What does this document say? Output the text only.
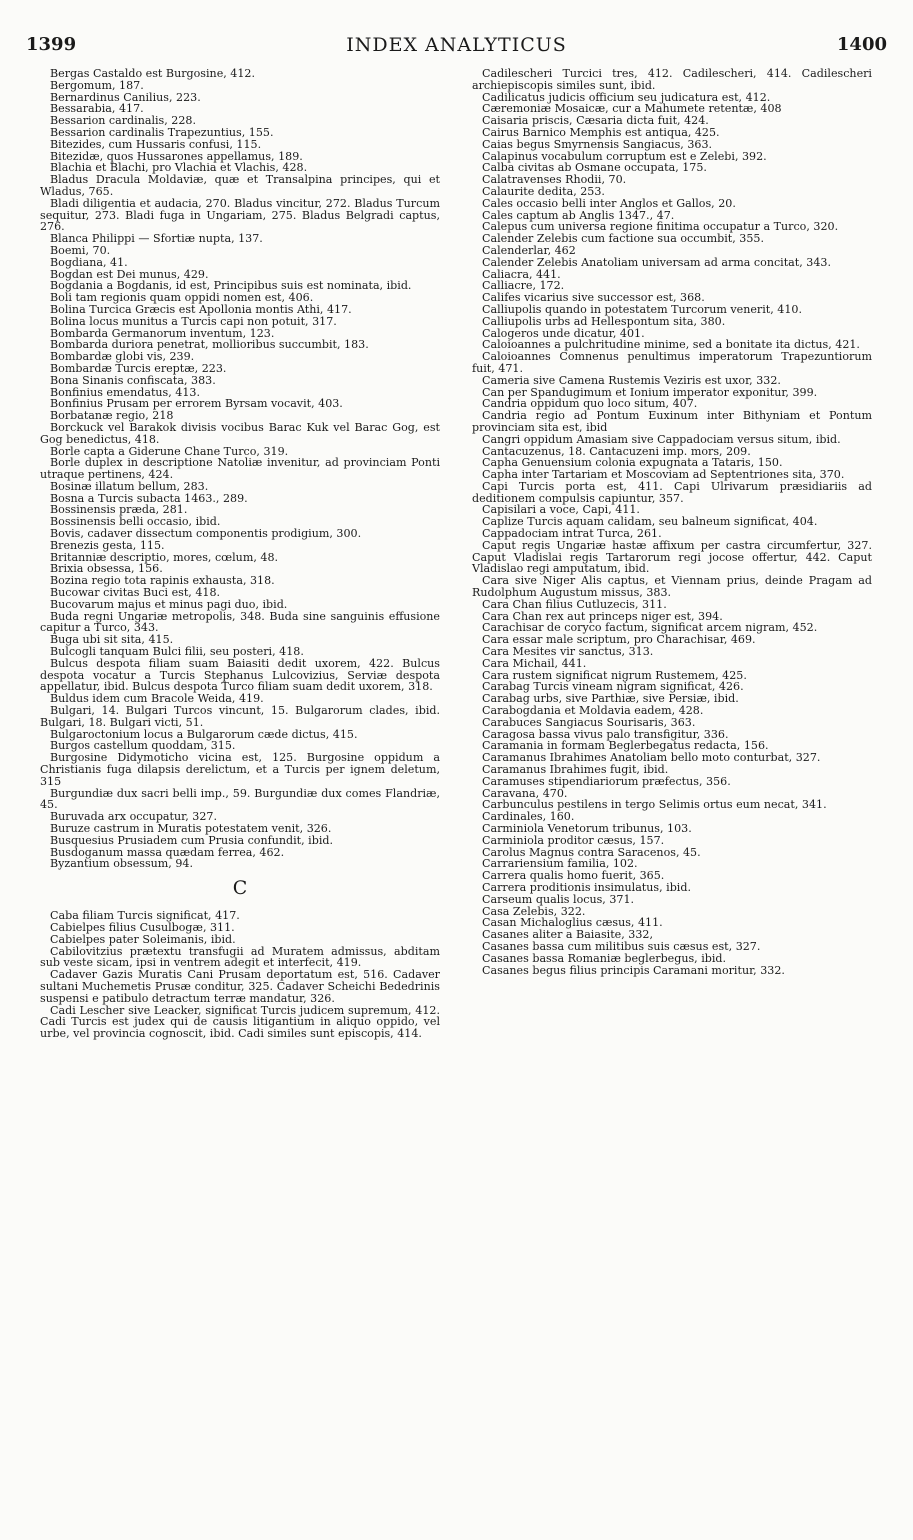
1399	INDEX ANALYTICUS	1400

Bergas Castaldo est Burgosine, 412.

Bergomum, 187.

Bernardinus Canilius, 223.

Bessarabia, 417.

Bessarion cardinalis, 228.

Bessarion cardinalis Trapezuntius, 155.

Bitezides, cum Hussaris confusi, 115.

Bitezidæ, quos Hussarones appellamus, 189.

Blachia et Blachi, pro Vlachia et Vlachis, 428.

Bladus Dracula Moldaviæ, quæ et Transalpina principes, qui et Wladus, 765.

Bladi diligentia et audacia, 270. Bladus vincitur, 272. Bladus Turcum sequitur, 273. Bladi fuga in Ungariam, 275. Bladus Belgradi captus, 276.

Blanca Philippi — Sfortiæ nupta, 137.

Boemi, 70.

Bogdiana, 41.

Bogdan est Dei munus, 429.

Bogdania a Bogdanis, id est, Principibus suis est nominata, ibid.

Boli tam regionis quam oppidi nomen est, 406.

Bolina Turcica Græcis est Apollonia montis Athi, 417.

Bolina locus munitus a Turcis capi non potuit, 317.

Bombarda Germanorum inventum, 123.

Bombarda duriora penetrat, mollioribus succumbit, 183.

Bombardæ globi vis, 239.

Bombardæ Turcis ereptæ, 223.

Bona Sinanis confiscata, 383.

Bonfinius emendatus, 413.

Bonfinius Prusam per errorem Byrsam vocavit, 403.

Borbatanæ regio, 218

Borckuck vel Barakok divisis vocibus Barac Kuk vel Barac Gog, est Gog benedictus, 418.

Borle capta a Giderune Chane Turco, 319.

Borle duplex in descriptione Natoliæ invenitur, ad provinciam Ponti utraque pertinens, 424.

Bosinæ illatum bellum, 283.

Bosna a Turcis subacta 1463., 289.

Bossinensis præda, 281.

Bossinensis belli occasio, ibid.

Bovis, cadaver dissectum componentis prodigium, 300.

Brenezis gesta, 115.

Britanniæ descriptio, mores, cœlum, 48.

Brixia obsessa, 156.

Bozina regio tota rapinis exhausta, 318.

Bucowar civitas Buci est, 418.

Bucovarum majus et minus pagi duo, ibid.

Buda regni Ungariæ metropolis, 348. Buda sine sanguinis effusione capitur a Turco, 343.

Buga ubi sit sita, 415.

Bulcogli tanquam Bulci filii, seu posteri, 418.

Bulcus despota filiam suam Baiasiti dedit uxorem, 422. Bulcus despota vocatur a Turcis Stephanus Lulcovizius, Serviæ despota appellatur, ibid. Bulcus despota Turco filiam suam dedit uxorem, 318.

Buldus idem cum Bracole Weida, 419.

Bulgari, 14. Bulgari Turcos vincunt, 15. Bulgarorum clades, ibid. Bulgari, 18. Bulgari victi, 51.

Bulgaroctonium locus a Bulgarorum cæde dictus, 415.

Burgos castellum quoddam, 315.

Burgosine Didymoticho vicina est, 125. Burgosine oppidum a Christianis fuga dilapsis derelictum, et a Turcis per ignem deletum, 315

Burgundiæ dux sacri belli imp., 59. Burgundiæ dux comes Flandriæ, 45.

Buruvada arx occupatur, 327.

Buruze castrum in Muratis potestatem venit, 326.

Busquesius Prusiadem cum Prusia confundit, ibid.

Busdoganum massa quædam ferrea, 462.

Byzantium obsessum, 94.

C

Caba filiam Turcis significat, 417.

Cabielpes filius Cusulbogæ, 311.

Cabielpes pater Soleimanis, ibid.

Cabilovitzius prætextu transfugii ad Muratem admissus, abditam sub veste sicam, ipsi in ventrem adegit et interfecit, 419.

Cadaver Gazis Muratis Cani Prusam deportatum est, 516. Cadaver sultani Muchemetis Prusæ conditur, 325. Cadaver Scheichi Bededrinis suspensi e patibulo detractum terræ mandatur, 326.

Cadi Lescher sive Leacker, significat Turcis judicem supremum, 412. Cadi Turcis est judex qui de causis litigantium in aliquo oppido, vel urbe, vel provincia cognoscit, ibid. Cadi similes sunt episcopis, 414.

Cadilescheri Turcici tres, 412. Cadilescheri, 414. Cadilescheri archiepiscopis similes sunt, ibid.

Cadilicatus judicis officium seu judicatura est, 412.

Cæremoniæ Mosaicæ, cur a Mahumete retentæ, 408

Caisaria priscis, Cæsaria dicta fuit, 424.

Cairus Barnico Memphis est antiqua, 425.

Caias begus Smyrnensis Sangiacus, 363.

Calapinus vocabulum corruptum est e Zelebi, 392.

Calba civitas ab Osmane occupata, 175.

Calatravenses Rhodii, 70.

Calaurite dedita, 253.

Cales occasio belli inter Anglos et Gallos, 20.

Cales captum ab Anglis 1347., 47.

Calepus cum universa regione finitima occupatur a Turco, 320.

Calender Zelebis cum factione sua occumbit, 355.

Calenderlar, 462

Calender Zelebis Anatoliam universam ad arma concitat, 343.

Caliacra, 441.

Calliacre, 172.

Califes vicarius sive successor est, 368.

Calliupolis quando in potestatem Turcorum venerit, 410.

Calliupolis urbs ad Hellespontum sita, 380.

Calogeros unde dicatur, 401.

Caloioannes a pulchritudine minime, sed a bonitate ita dictus, 421.

Caloioannes Comnenus penultimus imperatorum Trapezuntiorum fuit, 471.

Cameria sive Camena Rustemis Veziris est uxor, 332.

Can per Spandugimum et Ionium imperator exponitur, 399.

Candria oppidum quo loco situm, 407.

Candria regio ad Pontum Euxinum inter Bithyniam et Pontum provinciam sita est, ibid

Cangri oppidum Amasiam sive Cappadociam versus situm, ibid.

Cantacuzenus, 18. Cantacuzeni imp. mors, 209.

Capha Genuensium colonia expugnata a Tataris, 150.

Capha inter Tartariam et Moscoviam ad Septentriones sita, 370.

Capi Turcis porta est, 411. Capi Ulrivarum præsidiariis ad deditionem compulsis capiuntur, 357.

Capisilari a voce, Capi, 411.

Caplize Turcis aquam calidam, seu balneum significat, 404.

Cappadociam intrat Turca, 261.

Caput regis Ungariæ hastæ affixum per castra circumfertur, 327. Caput Vladislai regis Tartarorum regi jocose offertur, 442. Caput Vladislao regi amputatum, ibid.

Cara sive Niger Alis captus, et Viennam prius, deinde Pragam ad Rudolphum Augustum missus, 383.

Cara Chan filius Cutluzecis, 311.

Cara Chan rex aut princeps niger est, 394.

Carachisar de coryco factum, significat arcem nigram, 452.

Cara essar male scriptum, pro Charachisar, 469.

Cara Mesites vir sanctus, 313.

Cara Michail, 441.

Cara rustem significat nigrum Rustemem, 425.

Carabag Turcis vineam nigram significat, 426.

Carabag urbs, sive Parthiæ, sive Persiæ, ibid.

Carabogdania et Moldavia eadem, 428.

Carabuces Sangiacus Sourisaris, 363.

Caragosa bassa vivus palo transfigitur, 336.

Caramania in formam Beglerbegatus redacta, 156.

Caramanus Ibrahimes Anatoliam bello moto conturbat, 327.

Caramanus Ibrahimes fugit, ibid.

Caramuses stipendiariorum præfectus, 356.

Caravana, 470.

Carbunculus pestilens in tergo Selimis ortus eum necat, 341.

Cardinales, 160.

Carminiola Venetorum tribunus, 103.

Carminiola proditor cæsus, 157.

Carolus Magnus contra Saracenos, 45.

Carrariensium familia, 102.

Carrera qualis homo fuerit, 365.

Carrera proditionis insimulatus, ibid.

Carseum qualis locus, 371.

Casa Zelebis, 322.

Casan Michaloglius cæsus, 411.

Casanes aliter a Baiasite, 332,

Casanes bassa cum militibus suis cæsus est, 327.

Casanes bassa Romaniæ beglerbegus, ibid.

Casanes begus filius principis Caramani moritur, 332.
